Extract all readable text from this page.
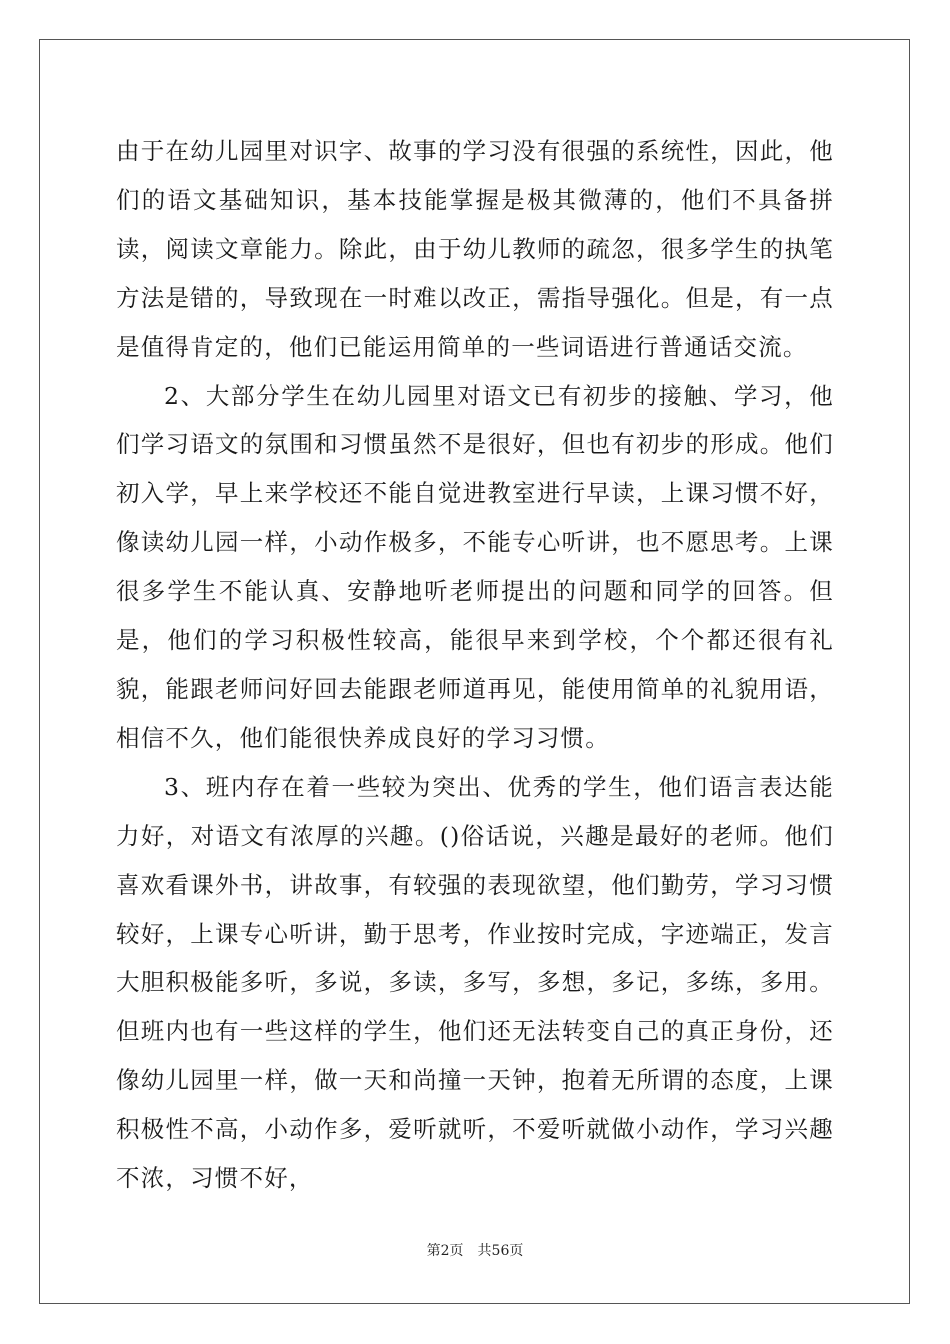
由于在幼儿园里对识字、故事的学习没有很强的系统性，因此，他们的语文基础知识，基本技能掌握是极其微薄的，他们不具备拼读，阅读文章能力。除此，由于幼儿教师的疏忽，很多学生的执笔方法是错的，导致现在一时难以改正，需指导强化。但是，有一点是值得肯定的，他们已能运用简单的一些词语进行普通话交流。

2、大部分学生在幼儿园里对语文已有初步的接触、学习，他们学习语文的氛围和习惯虽然不是很好，但也有初步的形成。他们初入学，早上来学校还不能自觉进教室进行早读，上课习惯不好，像读幼儿园一样，小动作极多，不能专心听讲，也不愿思考。上课很多学生不能认真、安静地听老师提出的问题和同学的回答。但是，他们的学习积极性较高，能很早来到学校，个个都还很有礼貌，能跟老师问好回去能跟老师道再见，能使用简单的礼貌用语，相信不久，他们能很快养成良好的学习习惯。

3、班内存在着一些较为突出、优秀的学生，他们语言表达能力好，对语文有浓厚的兴趣。()俗话说，兴趣是最好的老师。他们喜欢看课外书，讲故事，有较强的表现欲望，他们勤劳，学习习惯较好，上课专心听讲，勤于思考，作业按时完成，字迹端正，发言大胆积极能多听，多说，多读，多写，多想，多记，多练，多用。但班内也有一些这样的学生，他们还无法转变自己的真正身份，还像幼儿园里一样，做一天和尚撞一天钟，抱着无所谓的态度，上课积极性不高，小动作多，爱听就听，不爱听就做小动作，学习兴趣不浓，习惯不好，

第2页 共56页
